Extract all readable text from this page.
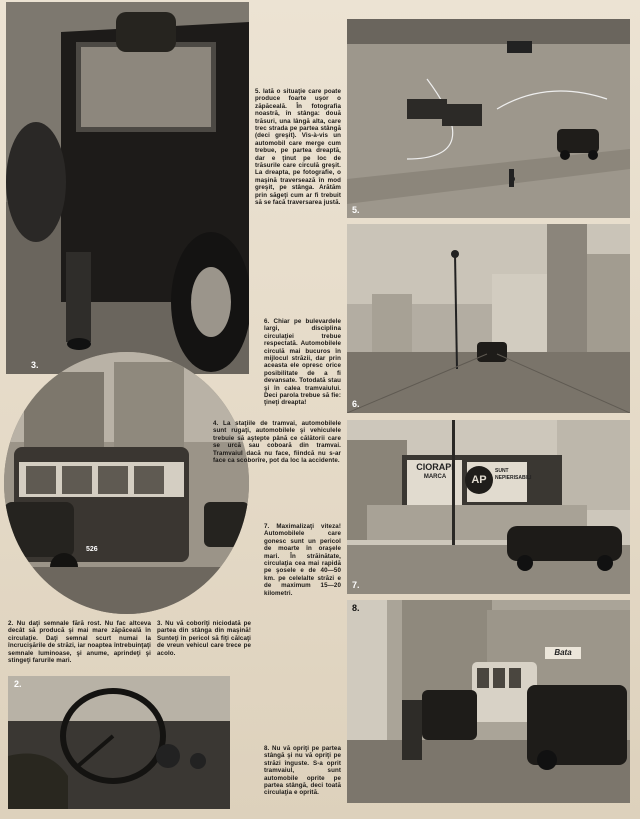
3.
5.
5. Iată o situaţie care poate produce foarte uşor o zăpăceală. În fotografia noastră, în stânga: două trăsuri, una lângă alta, care trec strada pe partea stângă (deci greşit). Vis-à-vis un automobil care merge cum trebue, pe partea dreaptă, dar e ţinut pe loc de trăsurile care circulă greşit. La dreapta, pe fotografie, o maşină traversează în mod greşit, pe stânga. Arătăm prin săgeţi cum ar fi trebuit să se facă traversarea justă.
6.
6. Chiar pe bulevardele largi, disciplina circulaţiei trebue respectată. Automobilele circulă mai bucuros în mijlocul străzii, dar prin aceasta ele opresc orice posibilitate de a fi devansate. Totodată stau şi în calea tramvaiului. Deci parola trebue să fie: ţineţi dreapta!
526
4. La staţiile de tramvai, automobilele sunt rugaţi, automobilele şi vehiculele trebuie să aştepte până ce călătorii care se urcă sau coboară din tramvai. Tramvaiul dacă nu face, fiindcă nu s-ar face ca scoborîre, pot da loc la accidente.
CIORAPI
MARCA	AP
SUNT
NEPIERISABILI
7.
7. Maximalizaţi viteza! Automobilele care gonesc sunt un pericol de moarte în oraşele mari. În străinătate, circulaţia cea mai rapidă pe şosele e de 40—50 km. pe celelalte străzi e de maximum 15—20 kilometri.
2. Nu daţi semnale fără rost. Nu fac altceva decât să producă şi mai mare zăpăceală în circulaţie. Daţi semnal scurt numai la încrucişările de străzi, iar noaptea întrebuinţaţi semnale luminoase, şi anume, aprindeţi şi stingeţi farurile mari.
3. Nu vă coborîţi niciodată pe partea din stânga din maşină! Sunteţi în pericol să fiţi călcaţi de vreun vehicul care trece pe acolo.
2.
Bata
8.
8. Nu vă opriţi pe partea stângă şi nu vă opriţi pe străzi înguste. S-a oprit tramvaiul, sunt automobile oprite pe partea stângă, deci toată circulaţia e oprită.
